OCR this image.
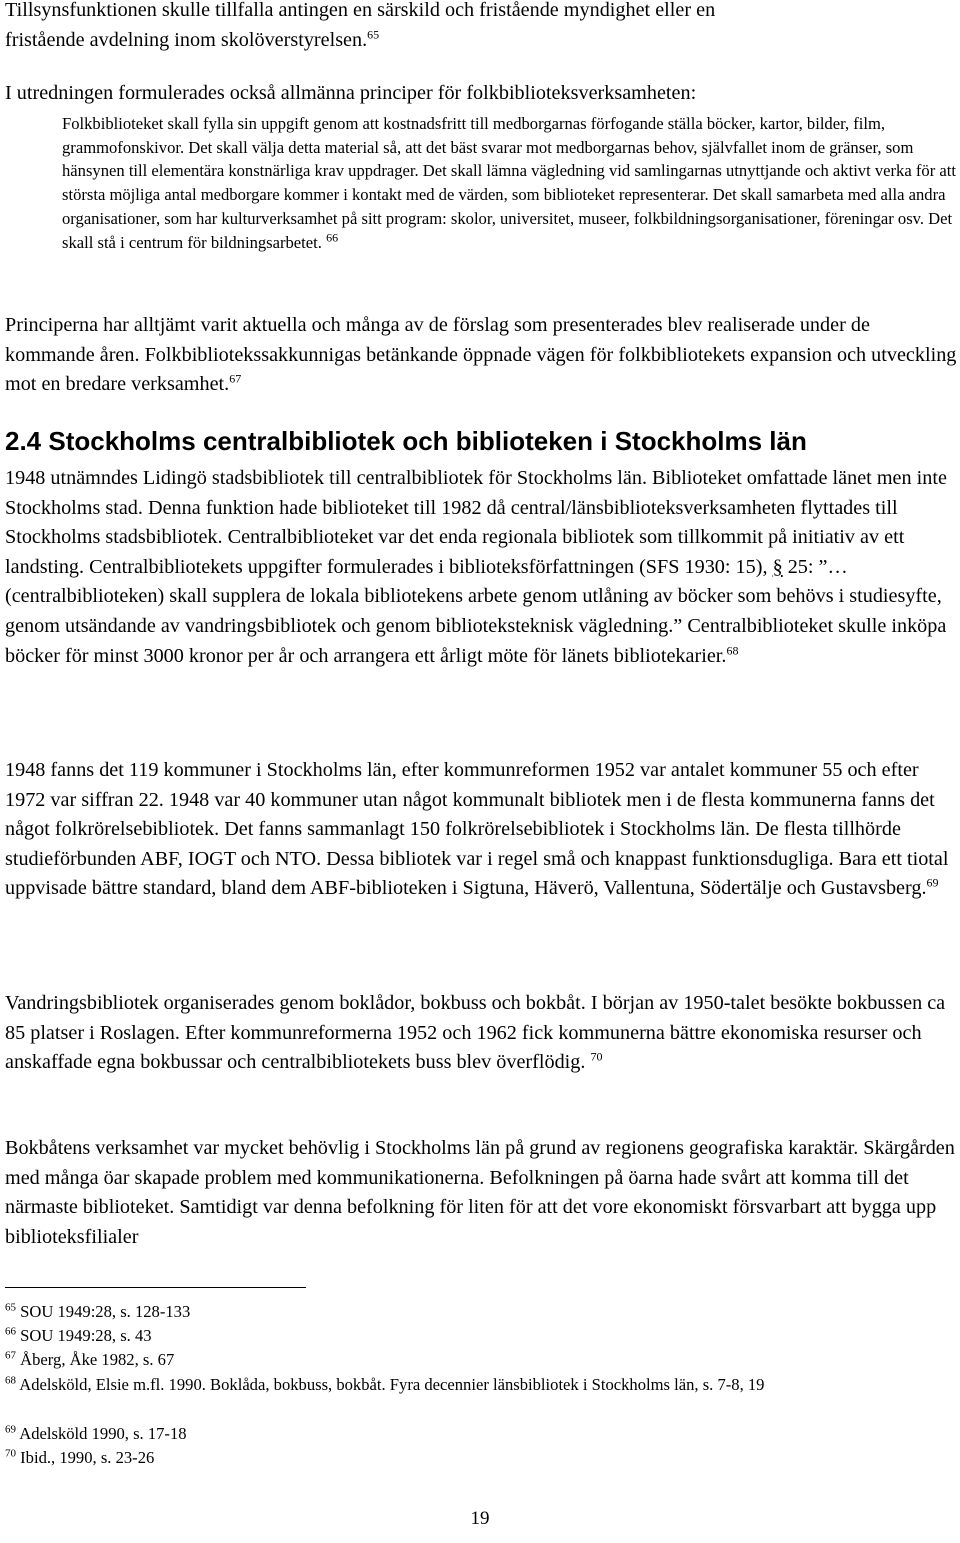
Tillsynsfunktionen skulle tillfalla antingen en särskild och fristående myndighet eller en
fristående avdelning inom skolöverstyrelsen.$^{65}$

I utredningen formulerades också allmänna principer för folkbiblioteksverksamheten:

Folkbiblioteket skall fylla sin uppgift genom att kostnadsfritt till medborgarnas förfogande ställa böcker, kartor, bilder, film, grammofonskivor. Det skall välja detta material så, att det bäst svarar mot medborgarnas behov, självfallet inom de gränser, som hänsynen till elementära konstnärliga krav uppdrager. Det skall lämna vägledning vid samlingarnas utnyttjande och aktivt verka för att största möjliga antal medborgare kommer i kontakt med de värden, som biblioteket representerar. Det skall samarbeta med alla andra organisationer, som har kulturverksamhet på sitt program: skolor, universitet, museer, folkbildningsorganisationer, föreningar osv. Det skall stå i centrum för bildningsarbetet. $^{66}$

Principerna har alltjämt varit aktuella och många av de förslag som presenterades blev realiserade under de kommande åren. Folkbibliotekssakkunnigas betänkande öppnade vägen för folkbibliotekets expansion och utveckling mot en bredare verksamhet.$^{67}$

2.4 Stockholms centralbibliotek och biblioteken i Stockholms län

1948 utnämndes Lidingö stadsbibliotek till centralbibliotek för Stockholms län. Biblioteket omfattade länet men inte Stockholms stad. Denna funktion hade biblioteket till 1982 då central/länsbiblioteksverksamheten flyttades till Stockholms stadsbibliotek. Centralbiblioteket var det enda regionala bibliotek som tillkommit på initiativ av ett landsting. Centralbibliotekets uppgifter formulerades i biblioteksförfattningen (SFS 1930: 15), § 25: ”…(centralbiblioteken) skall supplera de lokala bibliotekens arbete genom utlåning av böcker som behövs i studiesyfte, genom utsändande av vandringsbibliotek och genom biblioteksteknisk vägledning.” Centralbiblioteket skulle inköpa böcker för minst 3000 kronor per år och arrangera ett årligt möte för länets bibliotekarier.$^{68}$

1948 fanns det 119 kommuner i Stockholms län, efter kommunreformen 1952 var antalet kommuner 55 och efter 1972 var siffran 22. 1948 var 40 kommuner utan något kommunalt bibliotek men i de flesta kommunerna fanns det något folkrörelsebibliotek. Det fanns sammanlagt 150 folkrörelsebibliotek i Stockholms län. De flesta tillhörde studieförbunden ABF, IOGT och NTO. Dessa bibliotek var i regel små och knappast funktionsdugliga. Bara ett tiotal uppvisade bättre standard, bland dem ABF-biblioteken i Sigtuna, Häverö, Vallentuna, Södertälje och Gustavsberg.$^{69}$

Vandringsbibliotek organiserades genom boklådor, bokbuss och bokbåt. I början av 1950-talet besökte bokbussen ca 85 platser i Roslagen. Efter kommunreformerna 1952 och 1962 fick kommunerna bättre ekonomiska resurser och anskaffade egna bokbussar och centralbibliotekets buss blev överflödig. $^{70}$

Bokbåtens verksamhet var mycket behövlig i Stockholms län på grund av regionens geografiska karaktär. Skärgården med många öar skapade problem med kommunikationerna. Befolkningen på öarna hade svårt att komma till det närmaste biblioteket. Samtidigt var denna befolkning för liten för att det vore ekonomiskt försvarbart att bygga upp biblioteksfilialer

$^{65}$ SOU 1949:28, s. 128-133

$^{66}$ SOU 1949:28, s. 43

$^{67}$ Åberg, Åke 1982, s. 67

$^{68}$ Adelsköld, Elsie m.fl. 1990. Boklåda, bokbuss, bokbåt. Fyra decennier länsbibliotek i Stockholms län, s. 7-8, 19

$^{69}$ Adelsköld 1990, s. 17-18

$^{70}$ Ibid., 1990, s. 23-26

19
